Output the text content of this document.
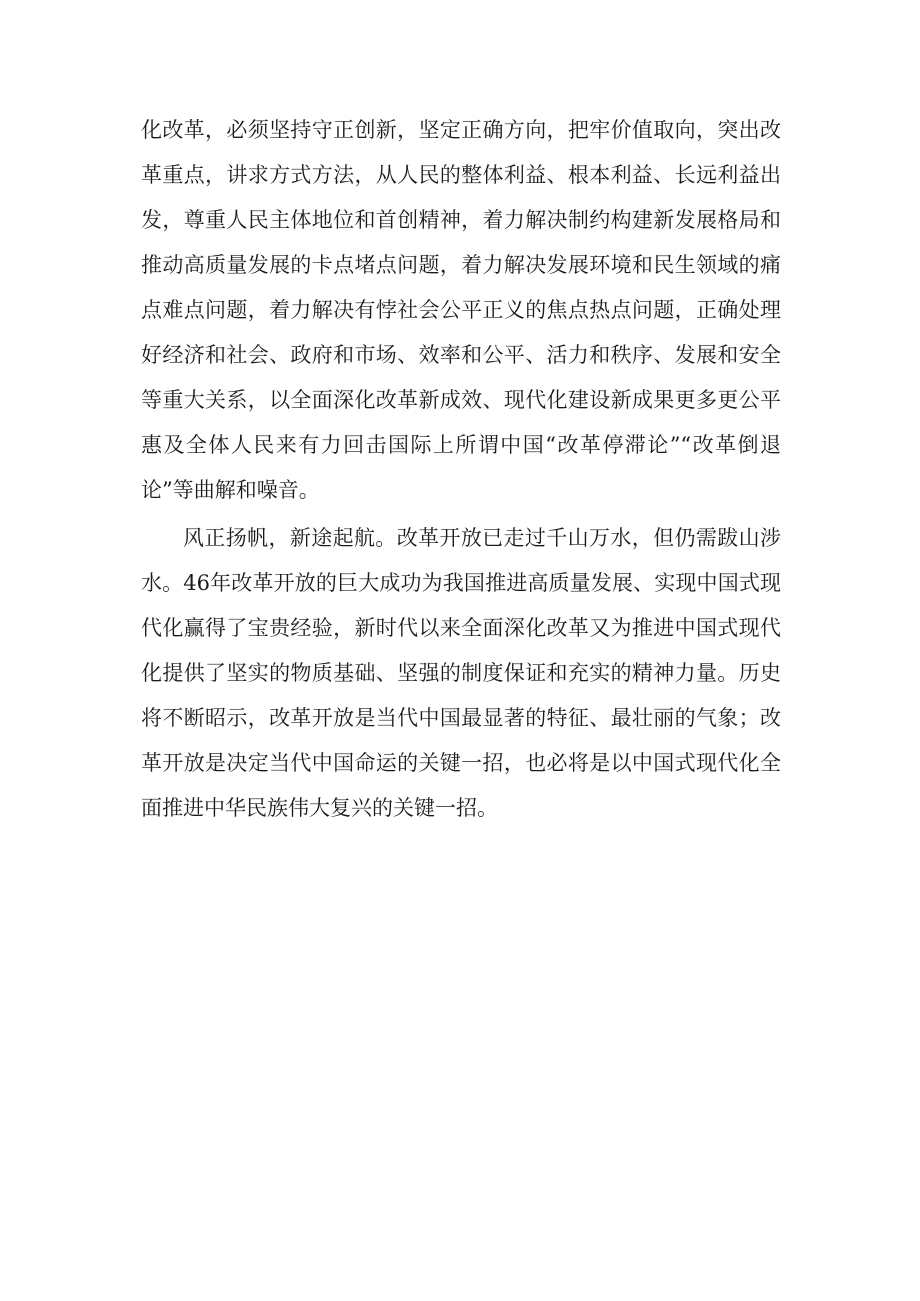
化改革，必须坚持守正创新，坚定正确方向，把牢价值取向，突出改
革重点，讲求方式方法，从人民的整体利益、根本利益、长远利益出
发，尊重人民主体地位和首创精神，着力解决制约构建新发展格局和
推动高质量发展的卡点堵点问题，着力解决发展环境和民生领域的痛
点难点问题，着力解决有悖社会公平正义的焦点热点问题，正确处理
好经济和社会、政府和市场、效率和公平、活力和秩序、发展和安全
等重大关系，以全面深化改革新成效、现代化建设新成果更多更公平
惠及全体人民来有力回击国际上所谓中国“改革停滞论”“改革倒退
论”等曲解和噪音。
风正扬帆，新途起航。改革开放已走过千山万水，但仍需跋山涉
水。46年改革开放的巨大成功为我国推进高质量发展、实现中国式现
代化赢得了宝贵经验，新时代以来全面深化改革又为推进中国式现代
化提供了坚实的物质基础、坚强的制度保证和充实的精神力量。历史
将不断昭示，改革开放是当代中国最显著的特征、最壮丽的气象；改
革开放是决定当代中国命运的关键一招，也必将是以中国式现代化全
面推进中华民族伟大复兴的关键一招。
